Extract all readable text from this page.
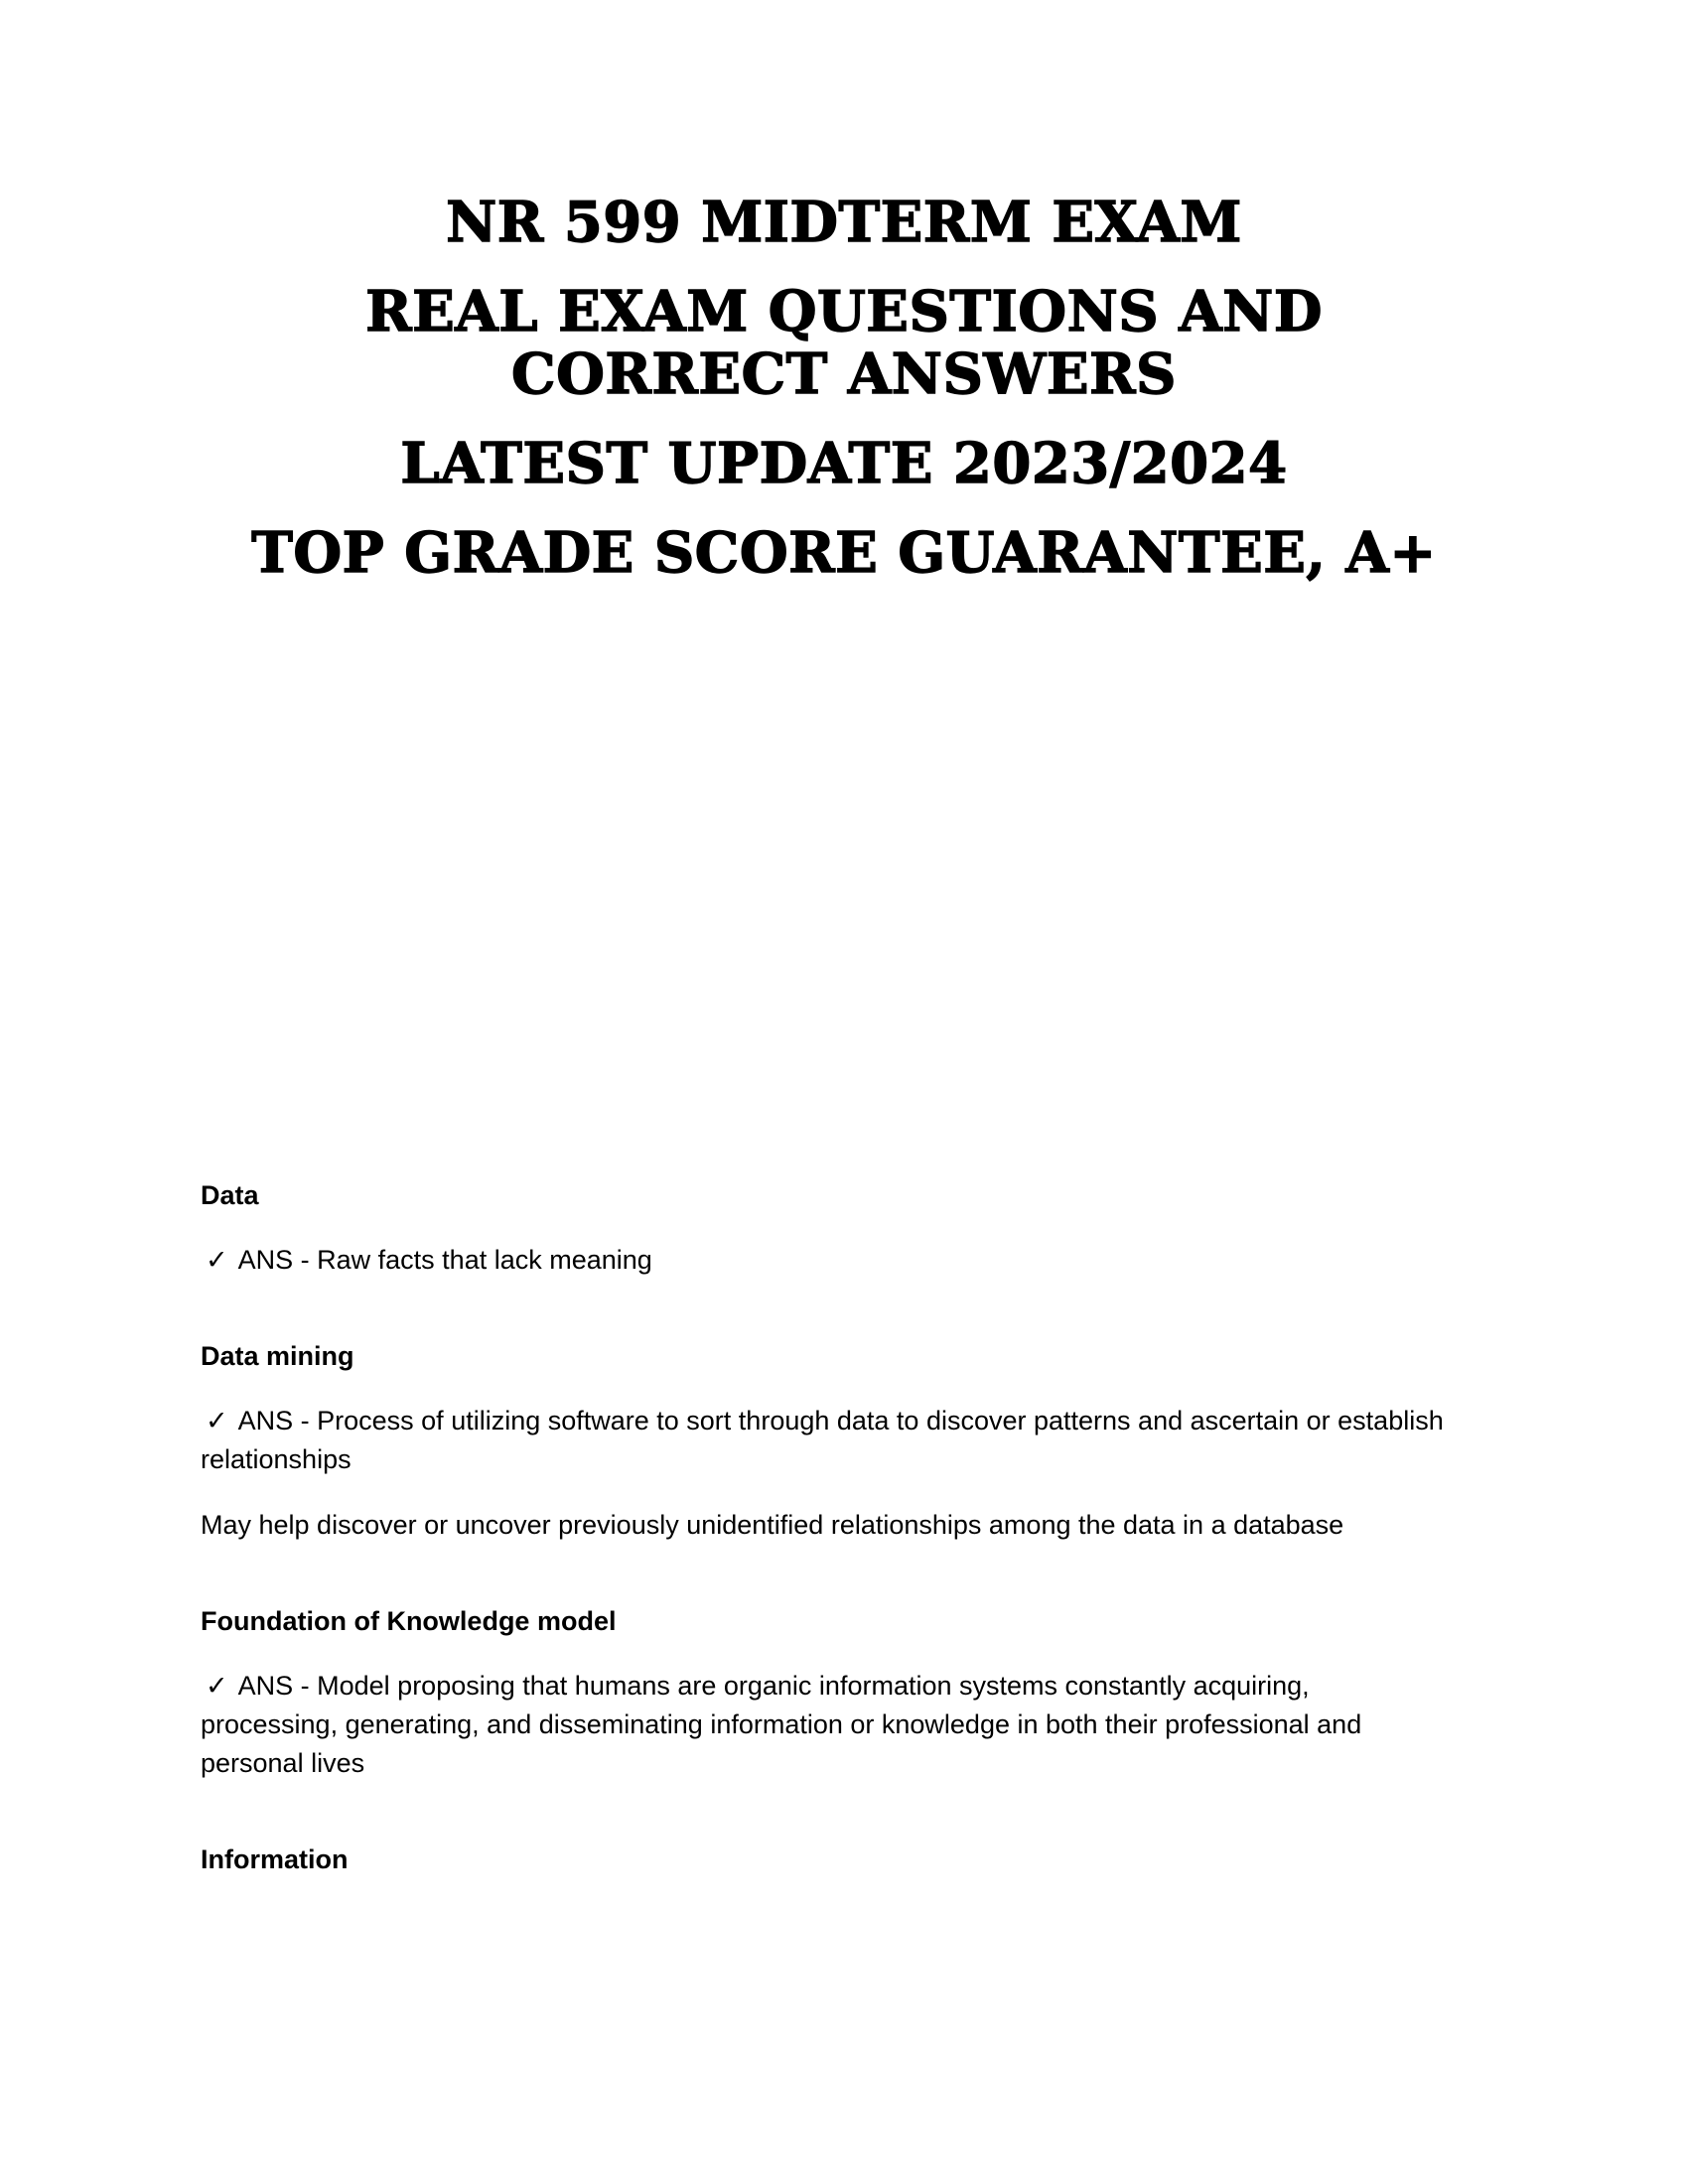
NR 599 MIDTERM EXAM
REAL EXAM QUESTIONS AND CORRECT ANSWERS
LATEST UPDATE 2023/2024
TOP GRADE SCORE GUARANTEE, A+

Data

✓ ANS - Raw facts that lack meaning

Data mining

✓ ANS - Process of utilizing software to sort through data to discover patterns and ascertain or establish
relationships
May help discover or uncover previously unidentified relationships among the data in a database

Foundation of Knowledge model

✓ ANS - Model proposing that humans are organic information systems constantly acquiring,
processing, generating, and disseminating information or knowledge in both their professional and
personal lives

Information
